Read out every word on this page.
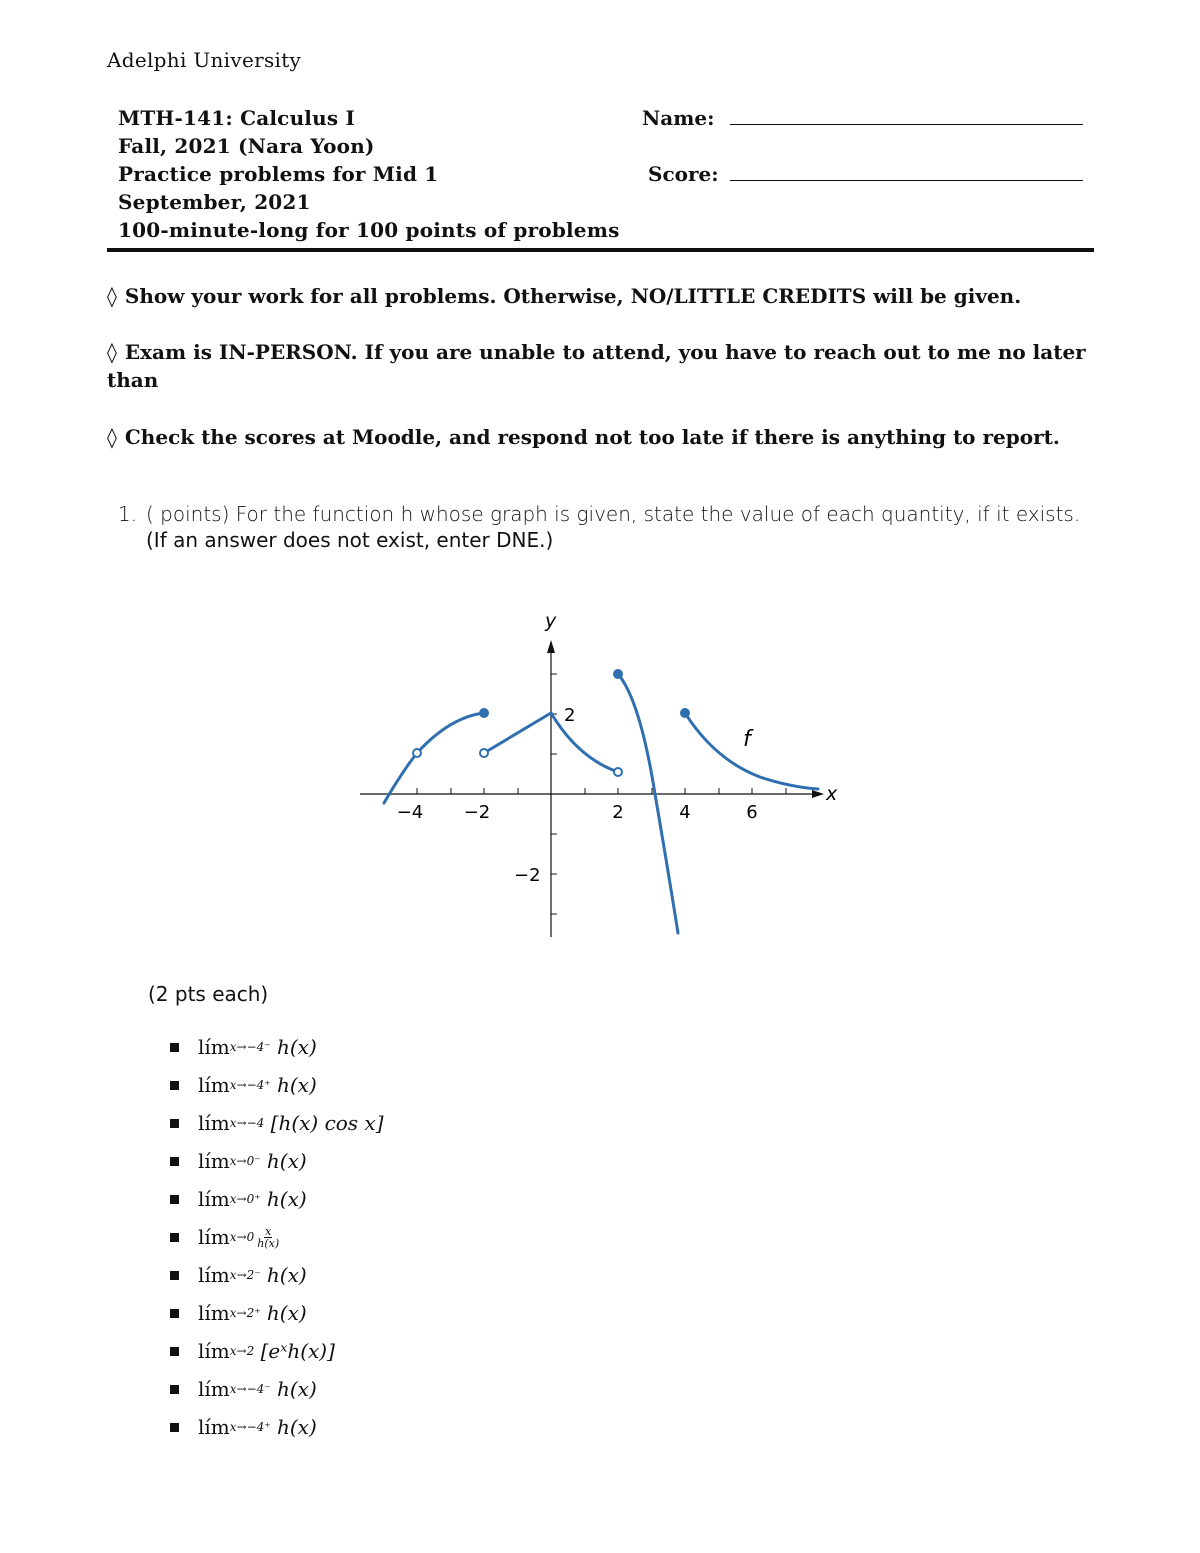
Adelphi University
MTH-141: Calculus I
Fall, 2021 (Nara Yoon)
Practice problems for Mid 1
September, 2021
100-minute-long for 100 points of problems
Name:
Score:
◊ Show your work for all problems. Otherwise, NO/LITTLE CREDITS will be given.
◊ Exam is IN-PERSON. If you are unable to attend, you have to reach out to me no later than
◊ Check the scores at Moodle, and respond not too late if there is anything to report.
1. ( points) For the function h whose graph is given, state the value of each quantity, if it exists.
(If an answer does not exist, enter DNE.)
−4 −2	2	4	6
2
−2
y
x
f
(2 pts each)
lím x→−4⁻
h(x)
lím x→−4⁺
h(x)
lím x→−4
[h(x) cos x]
lím x→0⁻
h(x)
lím x→0⁺
h(x)
lím $x\to 0 \frac{x}{h(x)}$
lím x→2⁻
h(x)
lím x→2⁺
h(x)
lím x→2
[eˣh(x)]
lím x→−4⁻
h(x)
lím x→−4⁺
h(x)
